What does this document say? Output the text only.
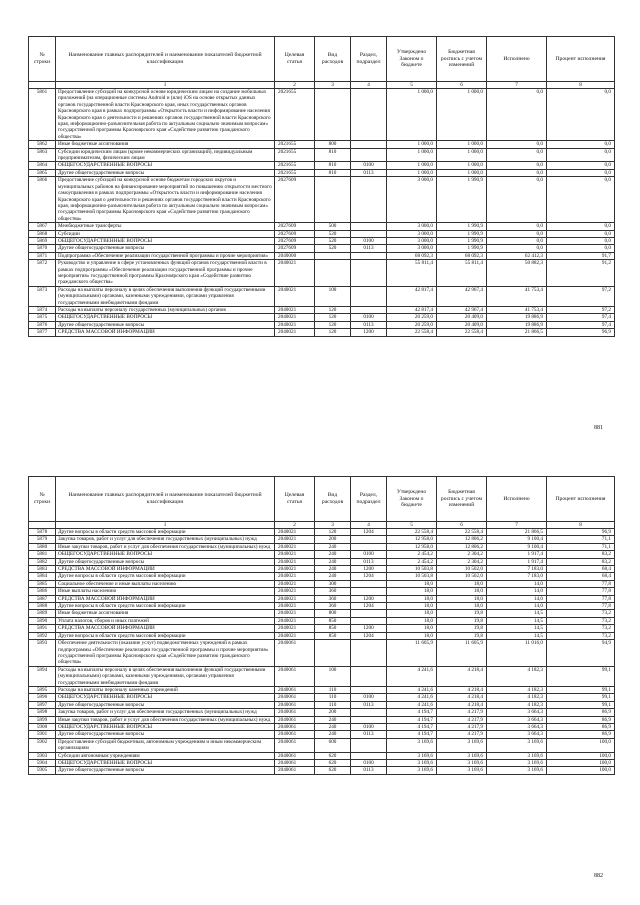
№ строки	Наименование главных распорядителей и наименование показателей бюджетной классификации	Целевая статья	Вид расходов	Раздел, подраздел	Утверждено Законом о бюджете	Бюджетная роспись с учетом изменений	Исполнено	Процент исполнения
	1	2	3	4	5	6	7	8
5861	Предоставление субсидий на конкурсной основе юридическим лицам на создание мобильных приложений (на операционные системы Android и (или) iOS на основе открытых данных органов государственной власти Красноярского края, иных государственных органов Красноярского края в рамках подпрограммы «Открытость власти и информирование населения Красноярского края о деятельности и решениях органов государственной власти Красноярского края, информационно-разъяснительная работа по актуальным социально значимым вопросам» государственной программы Красноярского края «Содействие развитию гражданского общества»	2021655			1 000,0	1 000,0	0,0	0,0
5862	Иные бюджетные ассигнования	2021655	800		1 000,0	1 000,0	0,0	0,0
5863	Субсидии юридическим лицам (кроме некоммерческих организаций), индивидуальным предпринимателям, физическим лицам	2021655	810		1 000,0	1 000,0	0,0	0,0
5864	ОБЩЕГОСУДАРСТВЕННЫЕ ВОПРОСЫ	2021655	810	0100	1 000,0	1 000,0	0,0	0,0
5865	Другие общегосударственные вопросы	2021655	810	0113	1 000,0	1 000,0	0,0	0,0
5866	Предоставление субсидий на конкурсной основе бюджетам городских округов и муниципальных районов на финансирование мероприятий по повышению открытости местного самоуправления в рамках подпрограммы «Открытость власти и информирование населения Красноярского края о деятельности и решениях органов государственной власти Красноярского края, информационно-разъяснительная работа по актуальным социально значимым вопросам» государственной программы Красноярского края «Содействие развитию гражданского общества»	2027609			3 000,0	1 990,9	0,0	0,0
5867	Межбюджетные трансферты	2027609	500		3 000,0	1 990,9	0,0	0,0
5868	Субсидии	2027609	520		3 000,0	1 990,9	0,0	0,0
5869	ОБЩЕГОСУДАРСТВЕННЫЕ ВОПРОСЫ	2027609	520	0100	3 000,0	1 990,9	0,0	0,0
5870	Другие общегосударственные вопросы	2027609	520	0113	3 000,0	1 990,9	0,0	0,0
5871	Подпрограмма «Обеспечение реализации государственной программы и прочие мероприятия»	2040000			68 092,3	68 092,3	62 412,3	91,7
5872	Руководство и управление в сфере установленных функций органов государственной власти в рамках подпрограммы «Обеспечение реализации государственной программы и прочие мероприятия» государственной программы Красноярского края «Содействие развитию гражданского общества»	2040021			55 811,4	55 811,4	50 882,3	91,2
5873	Расходы на выплаты персоналу в целях обеспечения выполнения функций государственными (муниципальными) органами, казенными учреждениями, органами управления государственными внебюджетными фондами	2040021	100		42 817,4	42 967,4	41 753,4	97,2
5874	Расходы на выплаты персоналу государственных (муниципальных) органов	2040021	120		42 817,4	42 967,4	41 753,4	97,2
5875	ОБЩЕГОСУДАРСТВЕННЫЕ ВОПРОСЫ	2040021	120	0100	20 259,0	20 409,0	19 886,9	97,4
5876	Другие общегосударственные вопросы	2040021	120	0113	20 259,0	20 409,0	19 886,9	97,4
5877	СРЕДСТВА МАССОВОЙ ИНФОРМАЦИИ	2040021	120	1200	22 558,4	22 558,4	21 866,5	96,9
881
№ строки	Наименование главных распорядителей и наименование показателей бюджетной классификации	Целевая статья	Вид расходов	Раздел, подраздел	Утверждено Законом о бюджете	Бюджетная роспись с учетом изменений	Исполнено	Процент исполнения
	1	2	3	4	5	6	7	8
5878	Другие вопросы в области средств массовой информации	2040021	120	1204	22 558,4	22 558,4	21 866,5	96,9
5879	Закупка товаров, работ и услуг для обеспечения государственных (муниципальных) нужд	2040021	200		12 958,0	12 806,2	9 100,4	71,1
5880	Иные закупки товаров, работ и услуг для обеспечения государственных (муниципальных) нужд	2040021	240		12 958,0	12 806,2	9 100,4	71,1
5881	ОБЩЕГОСУДАРСТВЕННЫЕ ВОПРОСЫ	2040021	240	0100	2 454,2	2 304,2	1 917,4	83,2
5882	Другие общегосударственные вопросы	2040021	240	0113	2 454,2	2 304,2	1 917,4	83,2
5883	СРЕДСТВА МАССОВОЙ ИНФОРМАЦИИ	2040021	240	1200	10 503,8	10 502,0	7 183,0	68,4
5884	Другие вопросы в области средств массовой информации	2040021	240	1204	10 503,8	10 502,0	7 183,0	68,4
5885	Социальное обеспечение и иные выплаты населению	2040021	300		18,0	18,0	14,0	77,8
5886	Иные выплаты населению	2040021	360		18,0	18,0	14,0	77,8
5887	СРЕДСТВА МАССОВОЙ ИНФОРМАЦИИ	2040021	360	1200	18,0	18,0	14,0	77,8
5888	Другие вопросы в области средств массовой информации	2040021	360	1204	18,0	18,0	14,0	77,8
5889	Иные бюджетные ассигнования	2040021	800		18,0	19,8	14,5	73,2
5890	Уплата налогов, сборов и иных платежей	2040021	850		18,0	19,8	14,5	73,2
5891	СРЕДСТВА МАССОВОЙ ИНФОРМАЦИИ	2040021	850	1200	18,0	19,8	14,5	73,2
5892	Другие вопросы в области средств массовой информации	2040021	850	1204	18,0	19,8	14,5	73,2
5893	Обеспечение деятельности (оказание услуг) подведомственных учреждений в рамках подпрограммы «Обеспечение реализации государственной программы и прочие мероприятия» государственной программы Красноярского края «Содействие развитию гражданского общества»	2040061			11 605,9	11 605,9	11 016,0	94,9
5894	Расходы на выплаты персоналу в целях обеспечения выполнения функций государственными (муниципальными) органами, казенными учреждениями, органами управления государственными внебюджетными фондами	2040061	100		4 241,6	4 218,4	4 182,3	99,1
5895	Расходы на выплаты персоналу казенных учреждений	2040061	110		4 241,6	4 218,4	4 182,3	99,1
5896	ОБЩЕГОСУДАРСТВЕННЫЕ ВОПРОСЫ	2040061	110	0100	4 241,6	4 218,4	4 182,3	99,1
5897	Другие общегосударственные вопросы	2040061	110	0113	4 241,6	4 218,4	4 182,3	99,1
5898	Закупка товаров, работ и услуг для обеспечения государственных (муниципальных) нужд	2040061	200		4 194,7	4 217,9	3 664,3	86,9
5899	Иные закупки товаров, работ и услуг для обеспечения государственных (муниципальных) нужд	2040061	240		4 194,7	4 217,9	3 664,3	86,9
5900	ОБЩЕГОСУДАРСТВЕННЫЕ ВОПРОСЫ	2040061	240	0100	4 194,7	4 217,9	3 664,3	86,9
5901	Другие общегосударственные вопросы	2040061	240	0113	4 194,7	4 217,9	3 664,3	86,9
5902	Предоставление субсидий бюджетным, автономным учреждениям и иным некоммерческим организациям	2040061	600		3 169,6	3 169,6	3 169,6	100,0
5903	Субсидии автономным учреждениям	2040061	620		3 169,6	3 169,6	3 169,6	100,0
5904	ОБЩЕГОСУДАРСТВЕННЫЕ ВОПРОСЫ	2040061	620	0100	3 169,6	3 169,6	3 169,6	100,0
5905	Другие общегосударственные вопросы	2040061	620	0113	3 169,6	3 169,6	3 169,6	100,0
882
